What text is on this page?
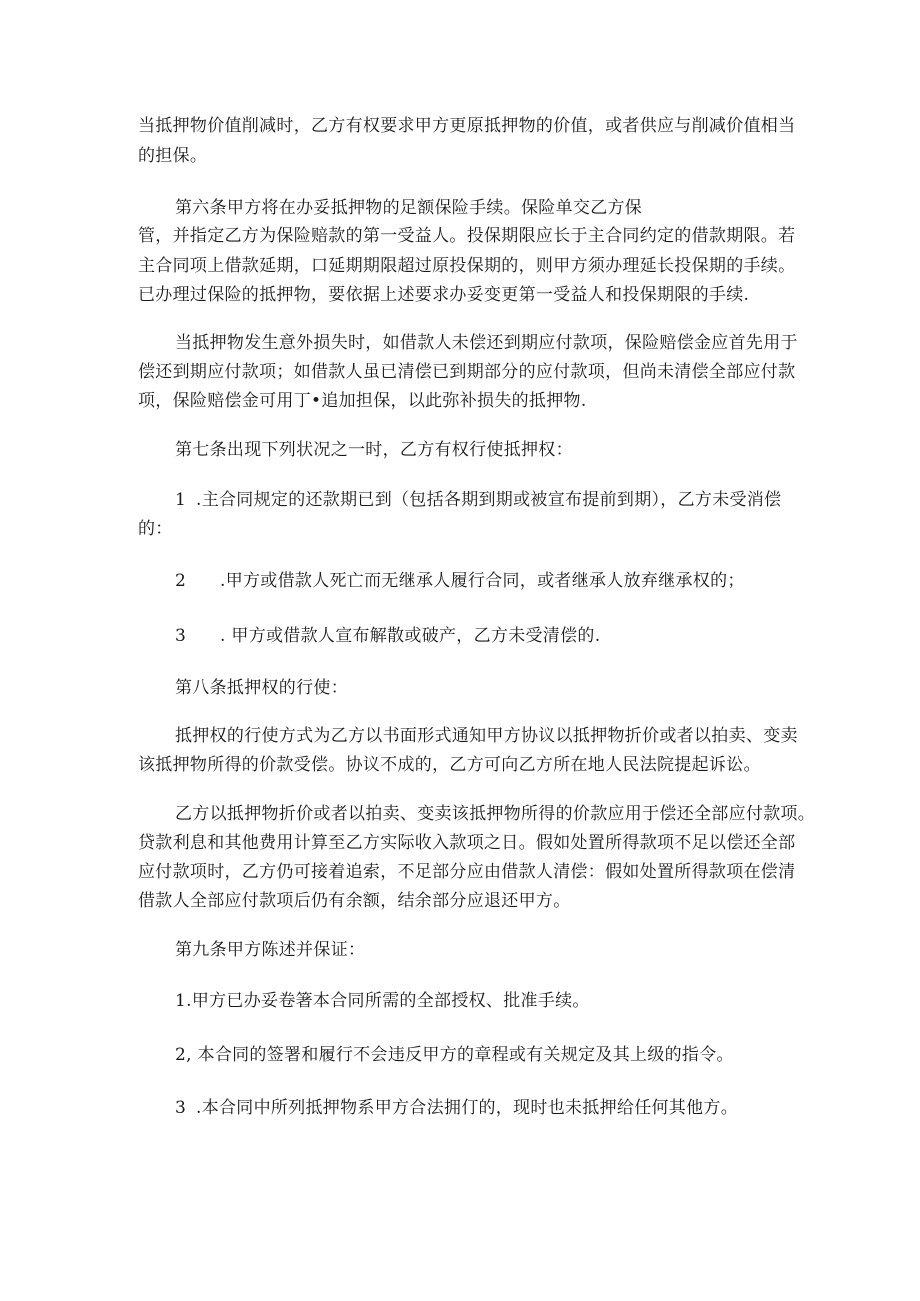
当抵押物价值削减时，乙方有权要求甲方更原抵押物的价值，或者供应与削减价值相当
的担保。
第六条甲方将在办妥抵押物的足额保险手续。保险单交乙方保
管，并指定乙方为保险赔款的第一受益人。投保期限应长于主合同约定的借款期限。若
主合同项上借款延期，口延期期限超过原投保期的，则甲方须办理延长投保期的手续。
已办理过保险的抵押物，要依据上述要求办妥变更第一受益人和投保期限的手续.
当抵押物发生意外损失时，如借款人未偿还到期应付款项，保险赔偿金应首先用于
偿还到期应付款项；如借款人虽已清偿已到期部分的应付款项，但尚未清偿全部应付款
项，保险赔偿金可用丁•追加担保，以此弥补损失的抵押物.
第七条出现下列状况之一时，乙方有权行使抵押权：
1 .主合同规定的还款期已到（包括各期到期或被宣布提前到期），乙方未受消偿
的：
2 .甲方或借款人死亡而无继承人履行合同，或者继承人放弃继承权的；
3 . 甲方或借款人宣布解散或破产，乙方未受清偿的.
第八条抵押权的行使：
抵押权的行使方式为乙方以书面形式通知甲方协议以抵押物折价或者以拍卖、变卖
该抵押物所得的价款受偿。协议不成的，乙方可向乙方所在地人民法院提起诉讼。
乙方以抵押物折价或者以拍卖、变卖该抵押物所得的价款应用于偿还全部应付款项。
贷款利息和其他费用计算至乙方实际收入款项之日。假如处置所得款项不足以偿还全部
应付款项时，乙方仍可接着追索，不足部分应由借款人清偿：假如处置所得款项在偿清
借款人全部应付款项后仍有余额，结余部分应退还甲方。
第九条甲方陈述并保证：
1.甲方已办妥卷箸本合同所需的全部授权、批准手续。
2, 本合同的签署和履行不会违反甲方的章程或有关规定及其上级的指令。
3 .本合同中所列抵押物系甲方合法拥仃的，现时也未抵押给任何其他方。
